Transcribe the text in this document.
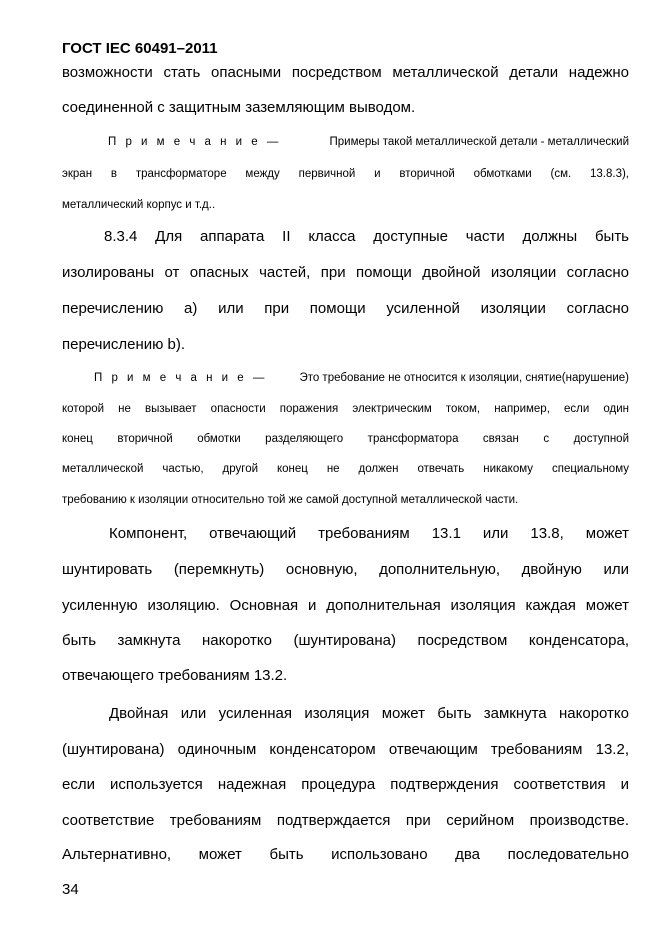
ГОСТ IEC 60491–2011
возможности стать опасными посредством металлической детали надежно
соединенной с защитным заземляющим выводом.
П р и м е ч а н и е —	Примеры такой металлической детали - металлический
экран в трансформаторе между первичной и вторичной обмотками (см. 13.8.3),
металлический корпус и т.д..
8.3.4 Для аппарата II класса доступные части должны быть
изолированы от опасных частей, при помощи двойной изоляции согласно
перечислению a) или при помощи усиленной изоляции согласно
перечислению b).
П р и м е ч а н и е —	Это требование не относится к изоляции, снятие(нарушение)
которой не вызывает опасности поражения электрическим током, например, если один
конец вторичной обмотки разделяющего трансформатора связан с доступной
металлической частью, другой конец не должен отвечать никакому специальному
требованию к изоляции относительно той же самой доступной металлической части.
Компонент, отвечающий требованиям 13.1 или 13.8, может
шунтировать (перемкнуть) основную, дополнительную, двойную или
усиленную изоляцию. Основная и дополнительная изоляция каждая может
быть замкнута накоротко (шунтирована) посредством конденсатора,
отвечающего требованиям 13.2.
Двойная или усиленная изоляция может быть замкнута накоротко
(шунтирована) одиночным конденсатором отвечающим требованиям 13.2,
если используется надежная процедура подтверждения соответствия и
соответствие требованиям подтверждается при серийном производстве.
Альтернативно, может быть использовано два последовательно
34
